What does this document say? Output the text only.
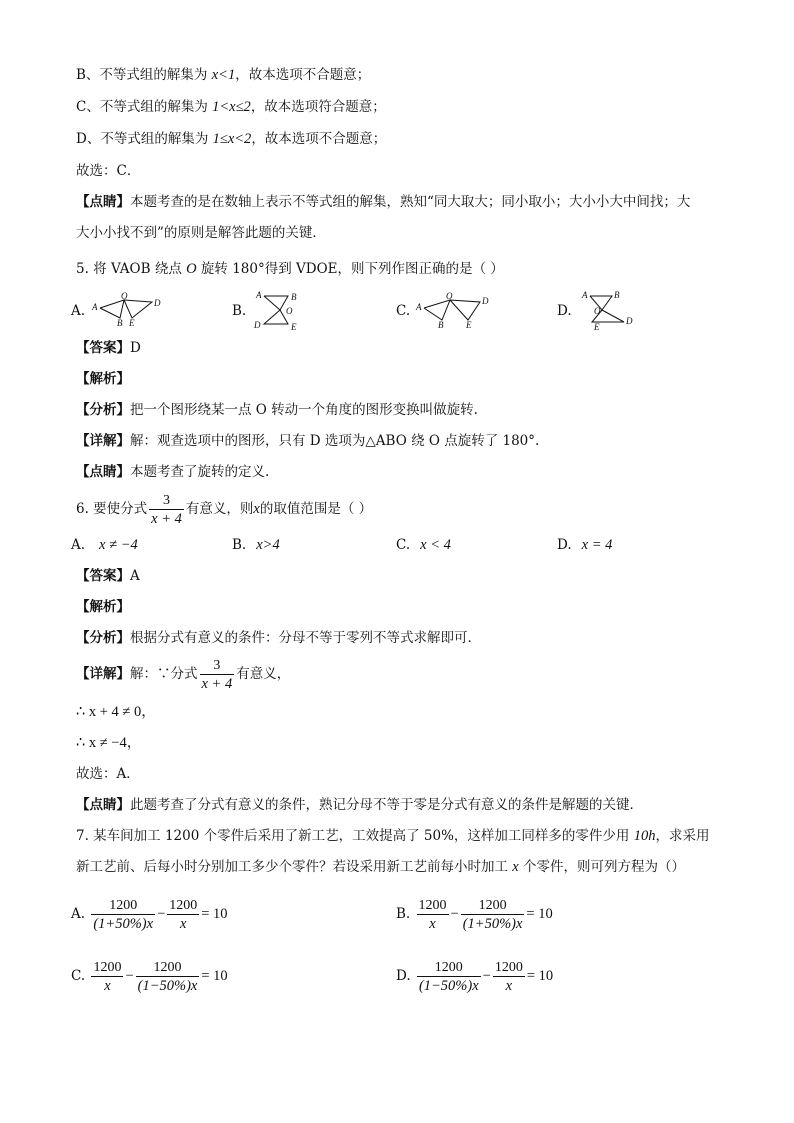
B、不等式组的解集为 x<1，故本选项不合题意；
C、不等式组的解集为 1<x≤2，故本选项符合题意；
D、不等式组的解集为 1≤x<2，故本选项不合题意；
故选：C．
【点睛】本题考查的是在数轴上表示不等式组的解集，熟知“同大取大；同小取小；大小小大中间找；大
大小小找不到”的原则是解答此题的关键．
5. 将 VAOB 绕点 O 旋转 180°得到 VDOE，则下列作图正确的是（ ）
A.	B.	C.	D.
A
O
D
B E
A	B
O
D	E
A
O	D
B	E
A	B
O
D
E
【答案】D
【解析】
【分析】把一个图形绕某一点 O 转动一个角度的图形变换叫做旋转.
【详解】解：观查选项中的图形，只有 D 选项为△ABO 绕 O 点旋转了 180°.
【点睛】本题考查了旋转的定义.
6. 要使分式 $\frac{3}{x + 4}$ 有意义，则x的取值范围是（ ）
A. x ≠ −4	B. x>4	C. x < 4	D. x = 4
【答案】A
【解析】
【分析】根据分式有意义的条件：分母不等于零列不等式求解即可．
【详解】解：∵分式 $\frac{3}{x + 4}$ 有意义，
∴ x + 4 ≠ 0，
∴ x ≠ −4，
故选：A．
【点睛】此题考查了分式有意义的条件，熟记分母不等于零是分式有意义的条件是解题的关键．
7. 某车间加工 1200 个零件后采用了新工艺，工效提高了 50%，这样加工同样多的零件少用 10h，求采用
新工艺前、后每小时分别加工多少个零件？若设采用新工艺前每小时加工 x 个零件，则可列方程为（）
A. $\frac{1200}{(1+50\%)x} - \frac{1200}{x} = 10$	B. $\frac{1200}{x} - \frac{1200}{(1+50\%)x} = 10$
C. $\frac{1200}{x} - \frac{1200}{(1-50\%)x} = 10$	D. $\frac{1200}{(1-50\%)x} - \frac{1200}{x} = 10$
